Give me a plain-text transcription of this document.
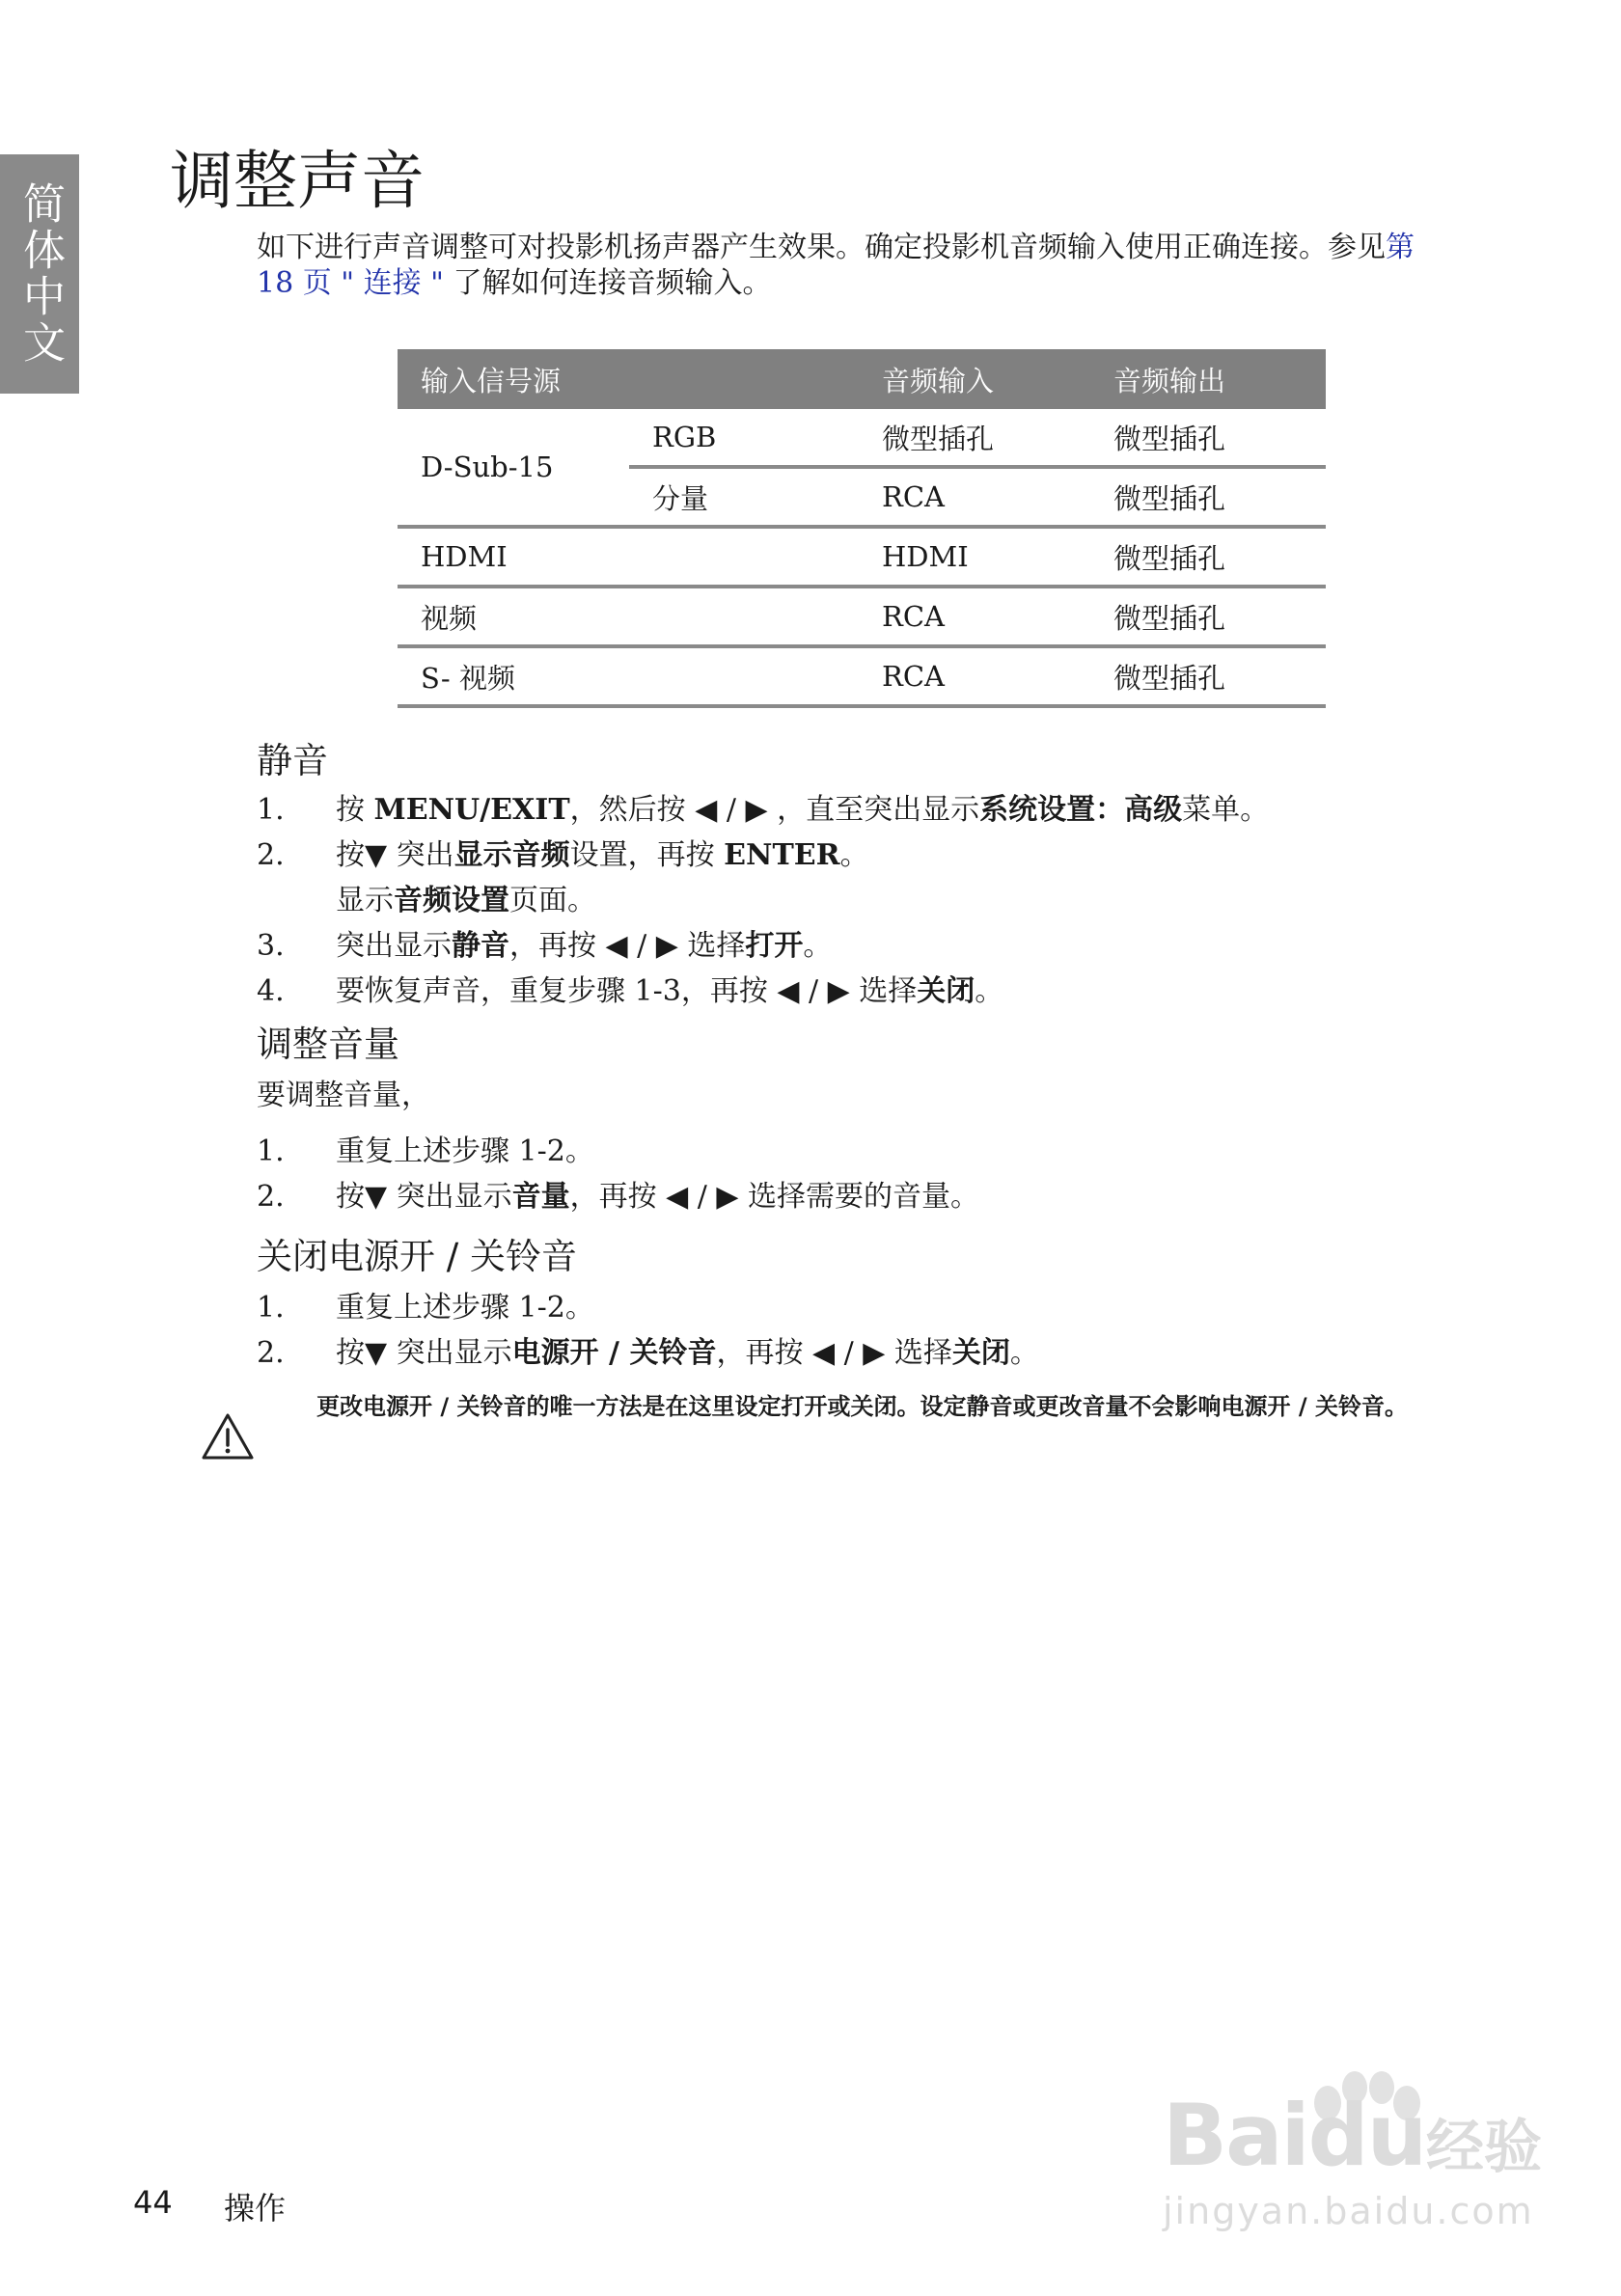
简体中文
调整声音

如下进行声音调整可对投影机扬声器产生效果。确定投影机音频输入使用正确连接。参见第 18 页 " 连接 " 了解如何连接音频输入。

输入信号源		音频输入	音频输出
D-Sub-15	RGB	微型插孔	微型插孔
	分量	RCA	微型插孔
HDMI		HDMI	微型插孔
视频		RCA	微型插孔
S- 视频		RCA	微型插孔
静音
1. 按 MENU/EXIT，然后按 ◀ / ▶ ，直至突出显示系统设置：高级菜单。
2. 按▼ 突出显示音频设置，再按 ENTER。
显示音频设置页面。
3. 突出显示静音，再按 ◀ / ▶ 选择打开。
4. 要恢复声音，重复步骤 1-3，再按 ◀ / ▶ 选择关闭。
调整音量

要调整音量，

1. 重复上述步骤 1-2。
2. 按▼ 突出显示音量，再按 ◀ / ▶ 选择需要的音量。
关闭电源开 / 关铃音
1. 重复上述步骤 1-2。
2. 按▼ 突出显示电源开 / 关铃音，再按 ◀ / ▶ 选择关闭。

更改电源开 / 关铃音的唯一方法是在这里设定打开或关闭。设定静音或更改音量不会影响电源开 / 关铃音。

44 操作
Baidu 经验
jingyan.baidu.com
